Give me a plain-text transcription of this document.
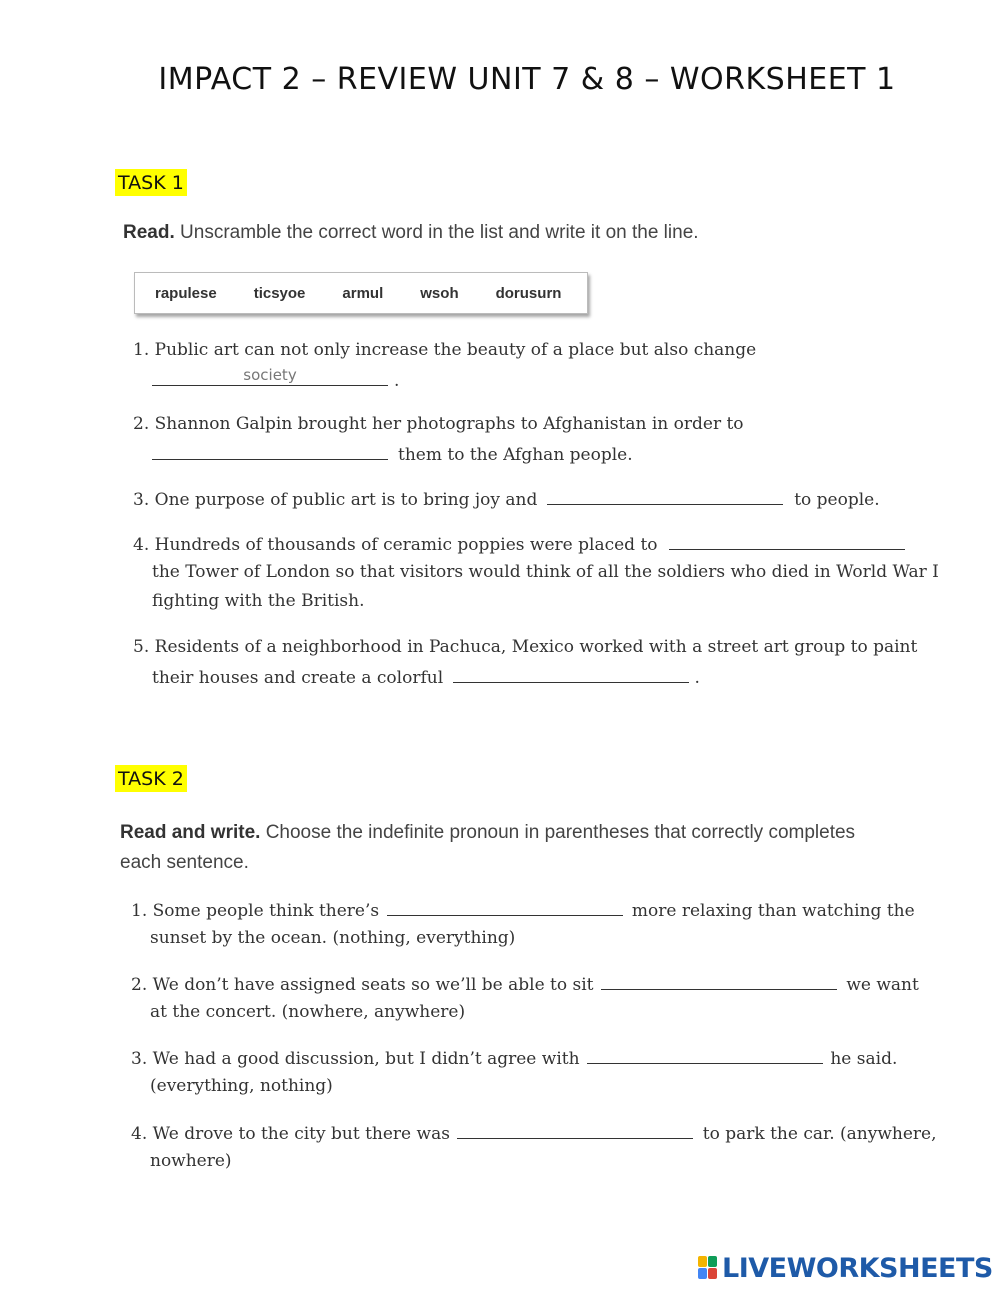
IMPACT 2 – REVIEW UNIT 7 & 8 – WORKSHEET 1
TASK 1
Read. Unscramble the correct word in the list and write it on the line.
rapulese ticsyoe armul wsoh dorusurn
1. Public art can not only increase the beauty of a place but also change
society	.
2. Shannon Galpin brought her photographs to Afghanistan in order to
them to the Afghan people.
3. One purpose of public art is to bring joy and	to people.
4. Hundreds of thousands of ceramic poppies were placed to
the Tower of London so that visitors would think of all the soldiers who died in World War I
fighting with the British.
5. Residents of a neighborhood in Pachuca, Mexico worked with a street art group to paint
their houses and create a colorful	.
TASK 2
Read and write. Choose the indefinite pronoun in parentheses that correctly completes
each sentence.
1. Some people think there’s	more relaxing than watching the
sunset by the ocean. (nothing, everything)
2. We don’t have assigned seats so we’ll be able to sit	we want
at the concert. (nowhere, anywhere)
3. We had a good discussion, but I didn’t agree with	he said.
(everything, nothing)
4. We drove to the city but there was	to park the car. (anywhere,
nowhere)
LIVEWORKSHEETS
